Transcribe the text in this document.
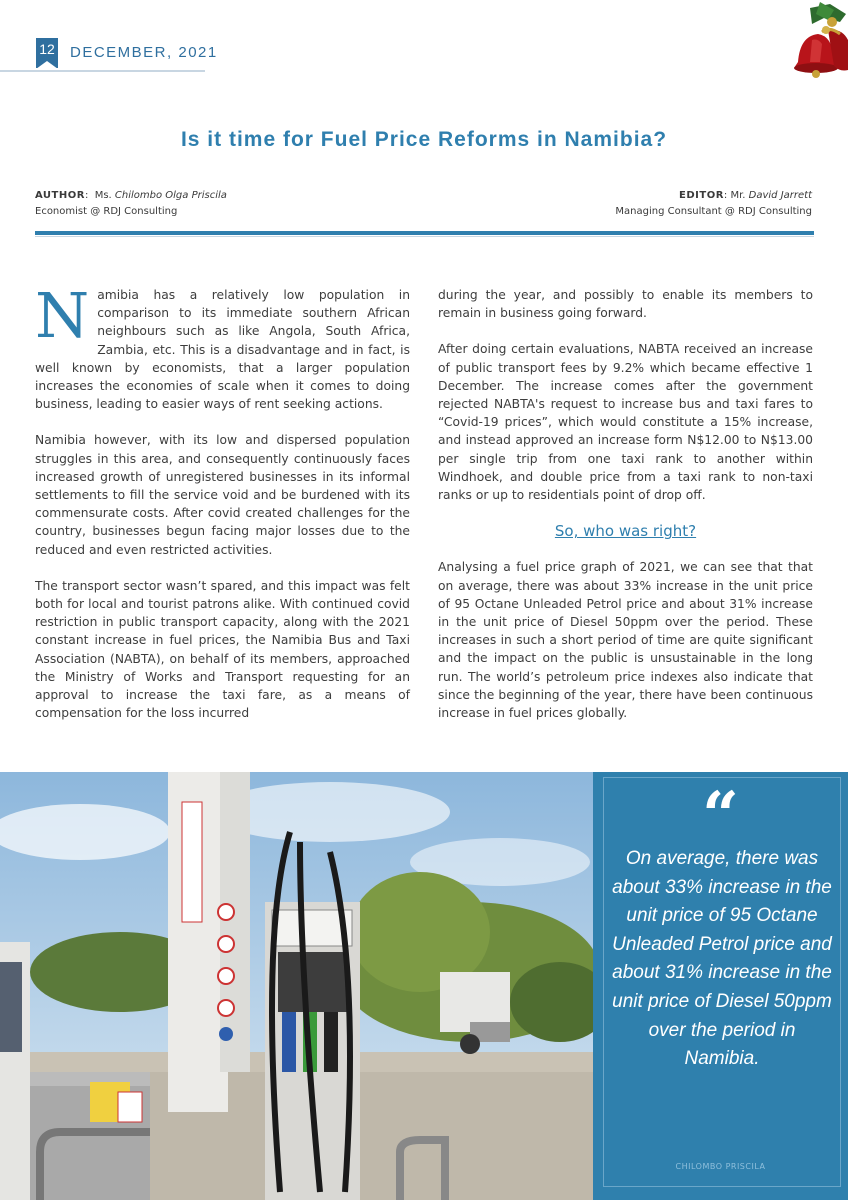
12 DECEMBER, 2021
Is it time for Fuel Price Reforms in Namibia?
AUTHOR:  Ms. Chilombo Olga Priscila
Economist @ RDJ Consulting
EDITOR: Mr. David Jarrett
Managing Consultant @ RDJ Consulting

Namibia has a relatively low population in comparison to its immediate southern African neighbours such as like Angola, South Africa, Zambia, etc. This is a disadvantage and in fact, is well known by economists, that a larger population increases the economies of scale when it comes to doing business, leading to easier ways of rent seeking actions.

Namibia however, with its low and dispersed population struggles in this area, and consequently continuously faces increased growth of unregistered businesses in its informal settlements to fill the service void and be burdened with its commensurate costs. After covid created challenges for the country, businesses begun facing major losses due to the reduced and even restricted activities.

The transport sector wasn’t spared, and this impact was felt both for local and tourist patrons alike. With continued covid restriction in public transport capacity, along with the 2021 constant increase in fuel prices, the Namibia Bus and Taxi Association (NABTA), on behalf of its members, approached the Ministry of Works and Transport requesting for an approval to increase the taxi fare, as a means of compensation for the loss incurred

during the year, and possibly to enable its members to remain in business going forward.

After doing certain evaluations, NABTA received an increase of public transport fees by 9.2% which became effective 1 December. The increase comes after the government rejected NABTA's request to increase bus and taxi fares to “Covid-19 prices”, which would constitute a 15% increase, and instead approved an increase form N$12.00 to N$13.00 per single trip from one taxi rank to another within Windhoek, and double price from a taxi rank to non-taxi ranks or up to residentials point of drop off.

So, who was right?

Analysing a fuel price graph of 2021, we can see that that on average, there was about 33% increase in the unit price of 95 Octane Unleaded Petrol price and about 31% increase in the unit price of Diesel 50ppm over the period. These increases in such a short period of time are quite significant and the impact on the public is unsustainable in the long run. The world’s petroleum price indexes also indicate that since the beginning of the year, there have been continuous increase in fuel prices globally.

“
On average, there was about 33% increase in the unit price of 95 Octane Unleaded Petrol price and about 31% increase in the unit price of Diesel 50ppm over the period in Namibia.
CHILOMBO PRISCILA
